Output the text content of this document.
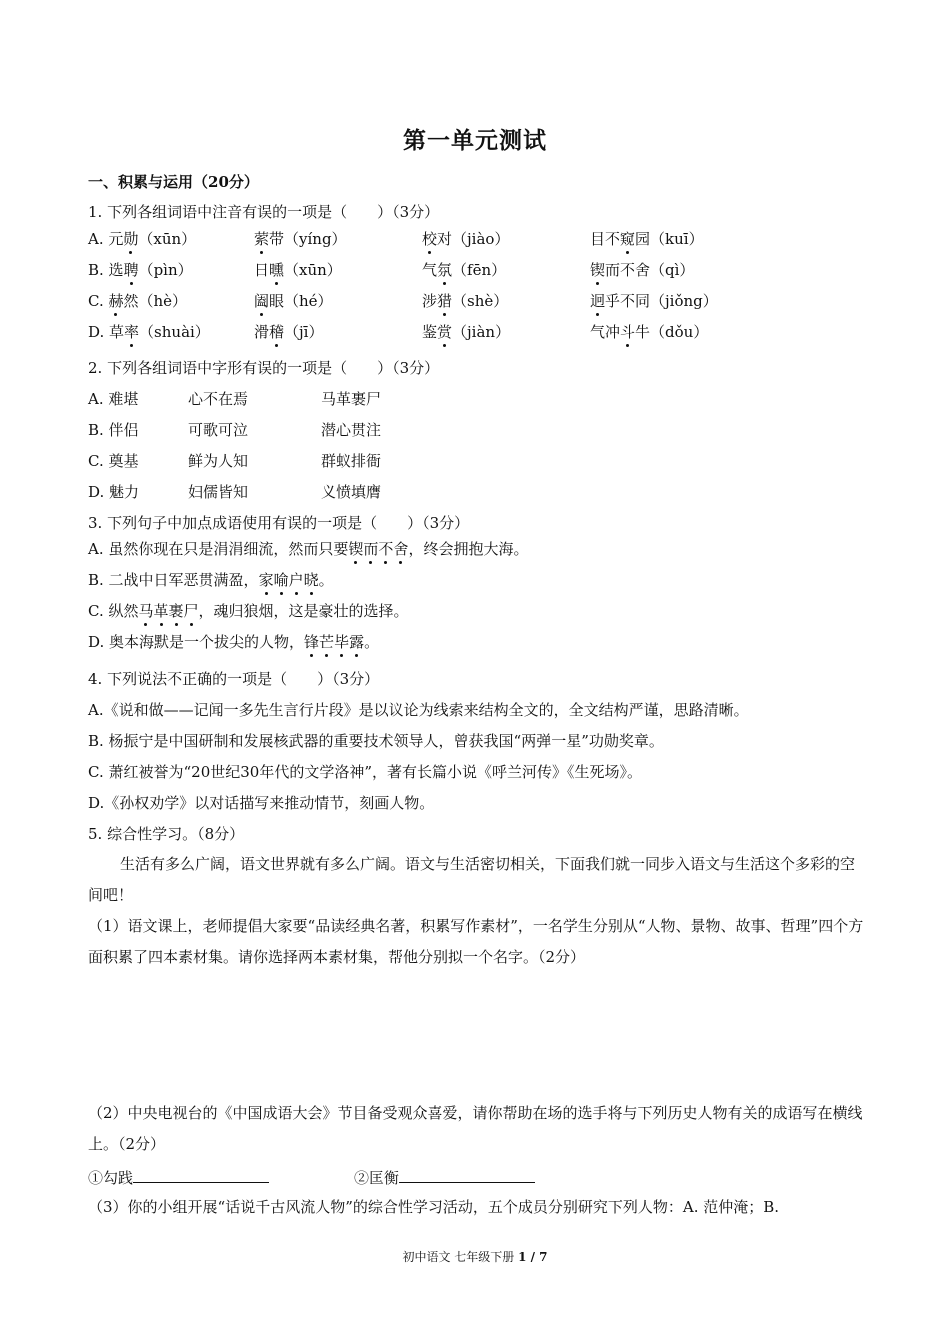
第一单元测试
一、积累与运用（20分）
1. 下列各组词语中注音有误的一项是（　　）（3分）
A. 元勋（xūn）	萦带（yíng）	校对（jiào）	目不窥园（kuī）
B. 选聘（pìn）	日曛（xūn）	气氛（fēn）	锲而不舍（qì）
C. 赫然（hè）	阖眼（hé）	涉猎（shè）	迥乎不同（jiǒng）
D. 草率（shuài）	滑稽（jī）	鉴赏（jiàn）	气冲斗牛（dǒu）
2. 下列各组词语中字形有误的一项是（　　）（3分）
A. 难堪	心不在焉	马革裹尸
B. 伴侣	可歌可泣	潜心贯注
C. 奠基	鲜为人知	群蚁排衙
D. 魅力	妇儒皆知	义愤填膺
3. 下列句子中加点成语使用有误的一项是（　　）（3分）
A. 虽然你现在只是涓涓细流，然而只要锲而不舍，终会拥抱大海。
B. 二战中日军恶贯满盈，家喻户晓。
C. 纵然马革裹尸，魂归狼烟，这是豪壮的选择。
D. 奥本海默是一个拔尖的人物，锋芒毕露。
4. 下列说法不正确的一项是（　　）（3分）
A.《说和做——记闻一多先生言行片段》是以议论为线索来结构全文的，全文结构严谨，思路清晰。
B. 杨振宁是中国研制和发展核武器的重要技术领导人，曾获我国“两弹一星”功勋奖章。
C. 萧红被誉为“20世纪30年代的文学洛神”，著有长篇小说《呼兰河传》《生死场》。
D.《孙权劝学》以对话描写来推动情节，刻画人物。
5. 综合性学习。（8分）
生活有多么广阔，语文世界就有多么广阔。语文与生活密切相关，下面我们就一同步入语文与生活这个多彩的空间吧！
（1）语文课上，老师提倡大家要“品读经典名著，积累写作素材”，一名学生分别从“人物、景物、故事、哲理”四个方面积累了四本素材集。请你选择两本素材集，帮他分别拟一个名字。（2分）
（2）中央电视台的《中国成语大会》节目备受观众喜爱，请你帮助在场的选手将与下列历史人物有关的成语写在横线上。（2分）
①勾践	②匡衡
（3）你的小组开展“话说千古风流人物”的综合性学习活动，五个成员分别研究下列人物：A. 范仲淹；B.
初中语文 七年级下册 1 / 7
